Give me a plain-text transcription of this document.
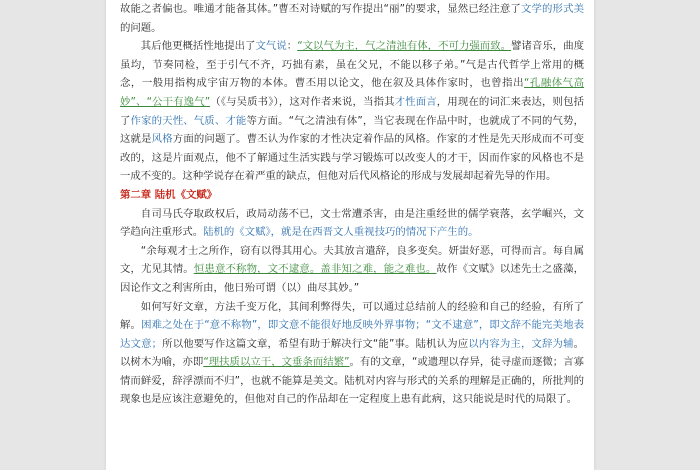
故能之者偏也。唯通才能备其体。”曹丕对诗赋的写作提出“丽”的要求，显然已经注意了文学的形式美的问题。

其后他更概括性地提出了文气说：“文以气为主，气之清浊有体，不可力强而致。譬诸音乐，曲度虽均，节奏同检，至于引气不齐，巧拙有素，虽在父兄，不能以移子弟。”气是古代哲学上常用的概念，一般用指构成宇宙万物的本体。曹丕用以论文，他在叙及具体作家时，也曾指出“孔融体气高妙”、“公干有逸气”（《与吴质书》），这对作者来说，当指其才性面言，用现在的词汇来表达，则包括了作家的天性、气质、才能等方面。“气之清浊有体”，当它表现在作品中时，也就成了不同的气势，这就是风格方面的问题了。曹丕认为作家的才性决定着作品的风格。作家的才性是先天形成而不可变改的，这是片面观点，他不了解通过生活实践与学习锻炼可以改变人的才干，因而作家的风格也不是一成不变的。这种学说存在着严重的缺点，但他对后代风格论的形成与发展却起着先导的作用。

第二章 陆机《文赋》

自司马氏夺取政权后，政局动荡不已，文士常遭杀害，由是注重经世的儒学衰落，玄学崛兴，文学趋向注重形式。陆机的《文赋》，就是在西晋文人重视技巧的情况下产生的。

“余每观才士之所作，窃有以得其用心。夫其放言遣辞，良多变矣。妍蚩好恶，可得而言。每自属文，尤见其情。恒患意不称物，文不逮意。盖非知之难，能之难也。故作《文赋》以述先士之盛藻，因论作文之利害所由，他日殆可谓（以）曲尽其妙。”

如何写好文章，方法千变万化，其间利弊得失，可以通过总结前人的经验和自己的经验，有所了解。困难之处在于“意不称物”，即文意不能很好地反映外界事物；“文不逮意”，即文辞不能完美地表达文意；所以他要写作这篇文章，希望有助于解决行文“能”事。陆机认为应以内容为主，文辞为辅。以树木为喻，亦即“理扶质以立干，文垂条而结繁”。有的文章，“或遗理以存异，徒寻虚而逐微；言寡情而鲜爱，辞浮漂而不归”，也就不能算是美文。陆机对内容与形式的关系的理解是正确的，所批判的现象也是应该注意避免的，但他对自己的作品却在一定程度上患有此病，这只能说是时代的局限了。
